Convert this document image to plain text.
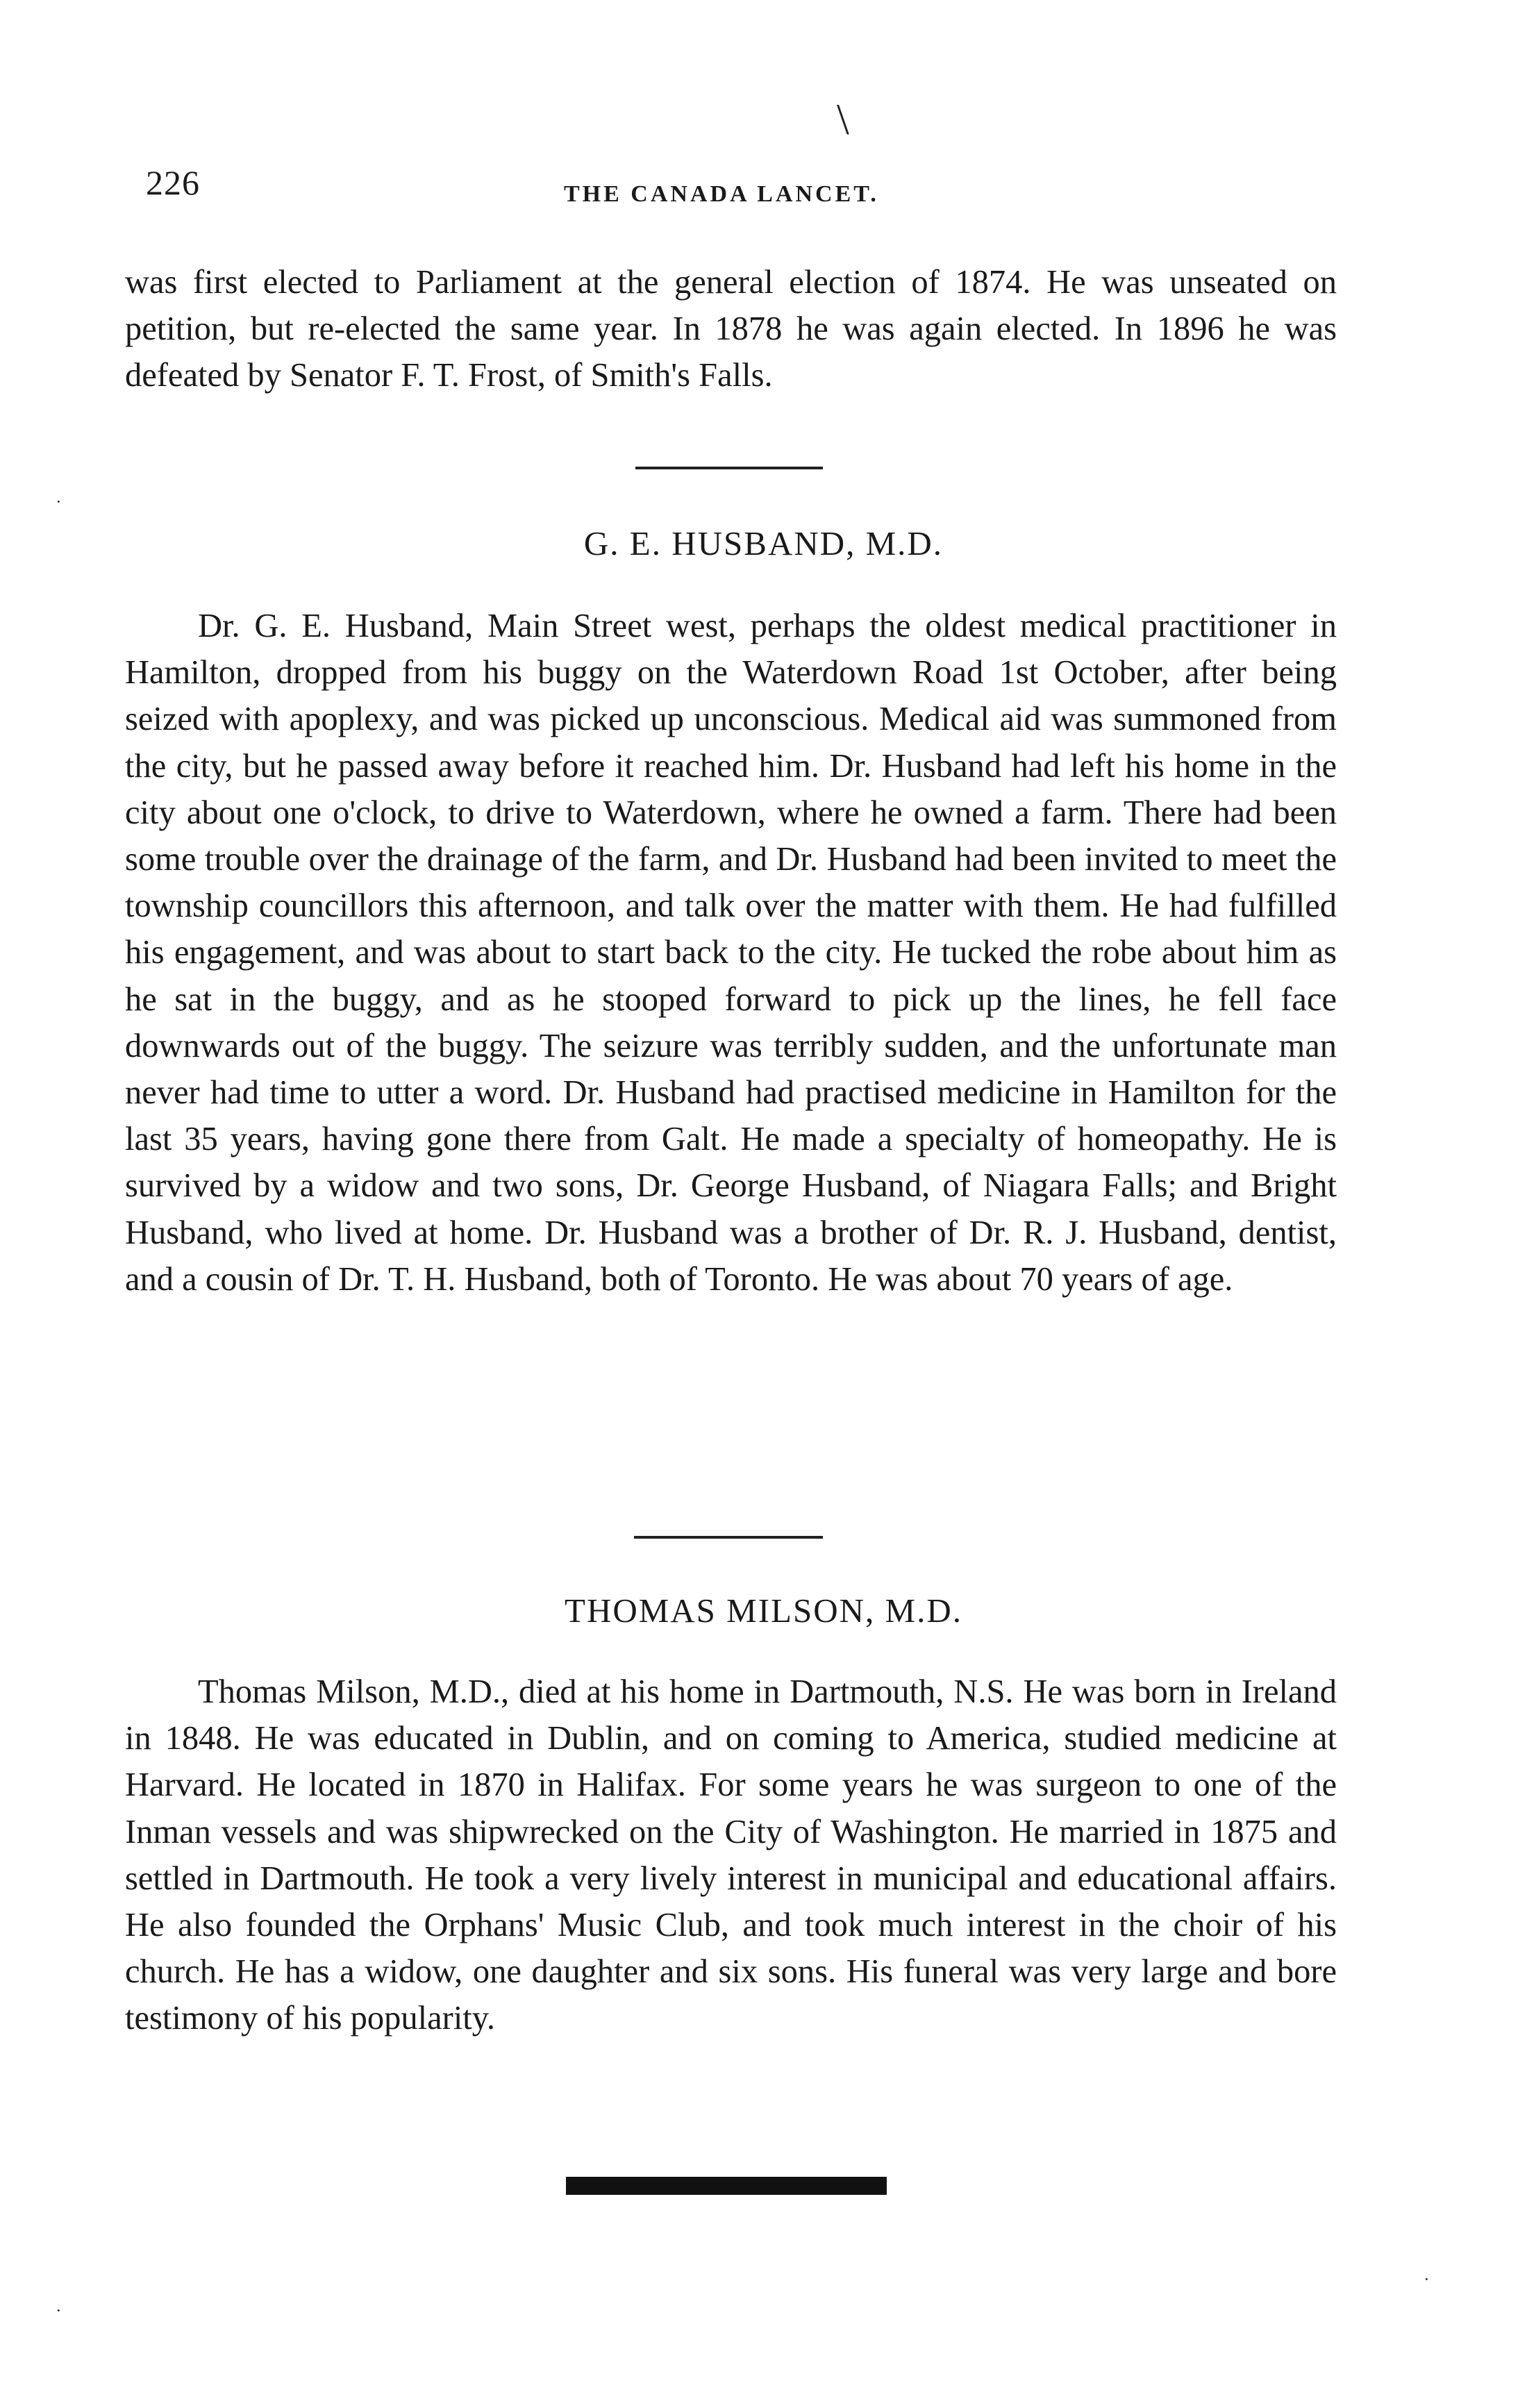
\
226	THE CANADA LANCET.

was first elected to Parliament at the general election of 1874. He was unseated on petition, but re-elected the same year. In 1878 he was again elected. In 1896 he was defeated by Senator F. T. Frost, of Smith's Falls.

G. E. HUSBAND, M.D.

Dr. G. E. Husband, Main Street west, perhaps the oldest medical practitioner in Hamilton, dropped from his buggy on the Waterdown Road 1st October, after being seized with apoplexy, and was picked up unconscious. Medical aid was summoned from the city, but he passed away before it reached him. Dr. Husband had left his home in the city about one o'clock, to drive to Waterdown, where he owned a farm. There had been some trouble over the drainage of the farm, and Dr. Husband had been invited to meet the township councillors this afternoon, and talk over the matter with them. He had fulfilled his engagement, and was about to start back to the city. He tucked the robe about him as he sat in the buggy, and as he stooped forward to pick up the lines, he fell face downwards out of the buggy. The seizure was terribly sudden, and the unfortunate man never had time to utter a word. Dr. Husband had practised medicine in Hamilton for the last 35 years, having gone there from Galt. He made a specialty of homeopathy. He is survived by a widow and two sons, Dr. George Husband, of Niagara Falls; and Bright Husband, who lived at home. Dr. Husband was a brother of Dr. R. J. Husband, dentist, and a cousin of Dr. T. H. Husband, both of Toronto. He was about 70 years of age.

THOMAS MILSON, M.D.

Thomas Milson, M.D., died at his home in Dartmouth, N.S. He was born in Ireland in 1848. He was educated in Dublin, and on coming to America, studied medicine at Harvard. He located in 1870 in Halifax. For some years he was surgeon to one of the Inman vessels and was shipwrecked on the City of Washington. He married in 1875 and settled in Dartmouth. He took a very lively interest in municipal and educational affairs. He also founded the Orphans' Music Club, and took much interest in the choir of his church. He has a widow, one daughter and six sons. His funeral was very large and bore testimony of his popularity.

·
·
·
